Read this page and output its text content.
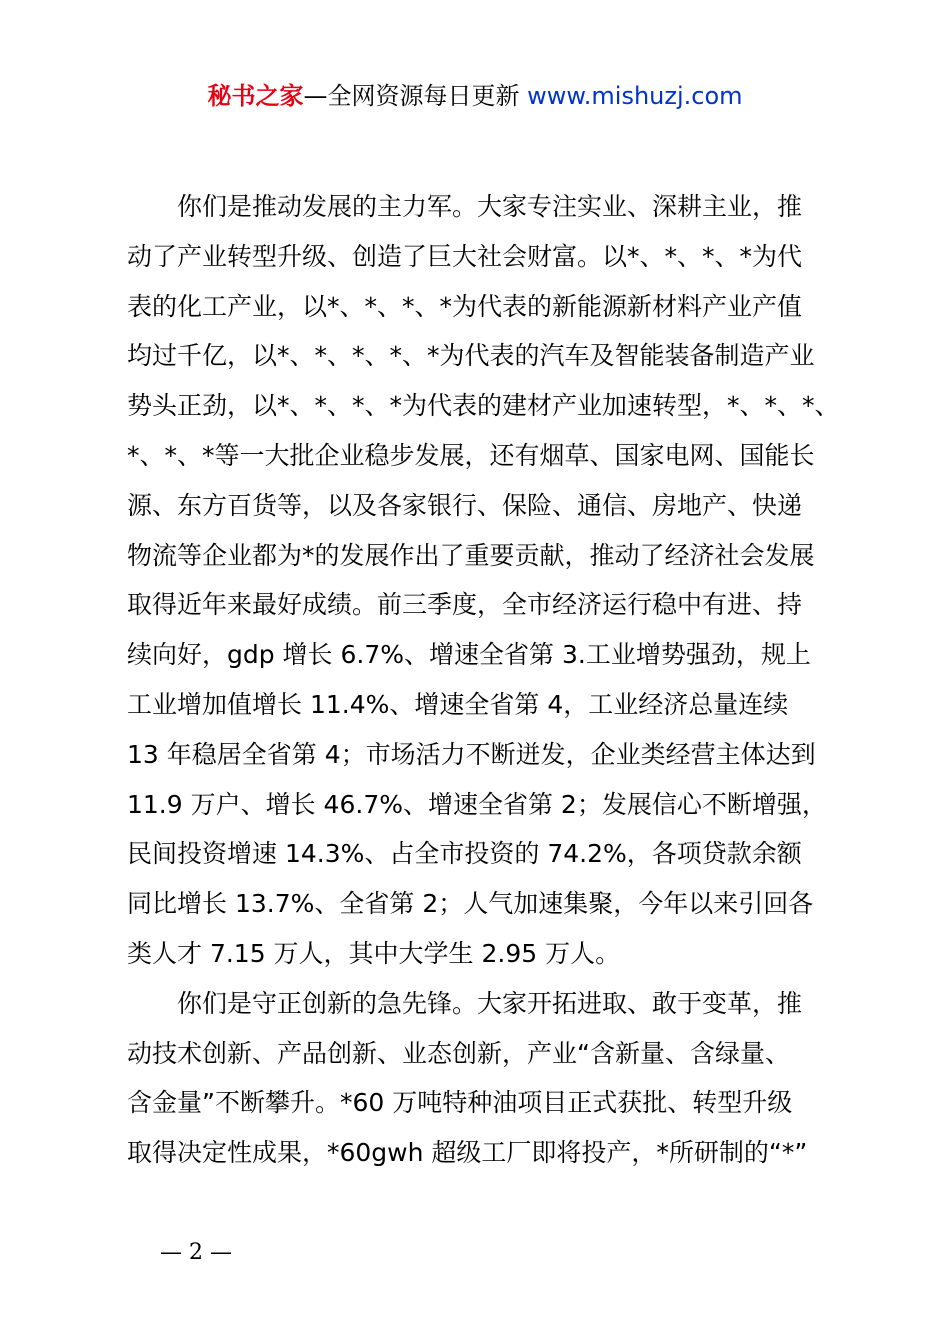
秘书之家—全网资源每日更新 www.mishuzj.com
你们是推动发展的主力军。大家专注实业、深耕主业，推
动了产业转型升级、创造了巨大社会财富。以*、*、*、*为代
表的化工产业，以*、*、*、*为代表的新能源新材料产业产值
均过千亿，以*、*、*、*、*为代表的汽车及智能装备制造产业
势头正劲，以*、*、*、*为代表的建材产业加速转型，*、*、*、
*、*、*等一大批企业稳步发展，还有烟草、国家电网、国能长
源、东方百货等，以及各家银行、保险、通信、房地产、快递
物流等企业都为*的发展作出了重要贡献，推动了经济社会发展
取得近年来最好成绩。前三季度，全市经济运行稳中有进、持
续向好，gdp 增长 6.7%、增速全省第 3.工业增势强劲，规上
工业增加值增长 11.4%、增速全省第 4，工业经济总量连续
13 年稳居全省第 4；市场活力不断迸发，企业类经营主体达到
11.9 万户、增长 46.7%、增速全省第 2；发展信心不断增强，
民间投资增速 14.3%、占全市投资的 74.2%，各项贷款余额
同比增长 13.7%、全省第 2；人气加速集聚，今年以来引回各
类人才 7.15 万人，其中大学生 2.95 万人。
你们是守正创新的急先锋。大家开拓进取、敢于变革，推
动技术创新、产品创新、业态创新，产业“含新量、含绿量、
含金量”不断攀升。*60 万吨特种油项目正式获批、转型升级
取得决定性成果，*60gwh 超级工厂即将投产，*所研制的“*”
— 2 —
